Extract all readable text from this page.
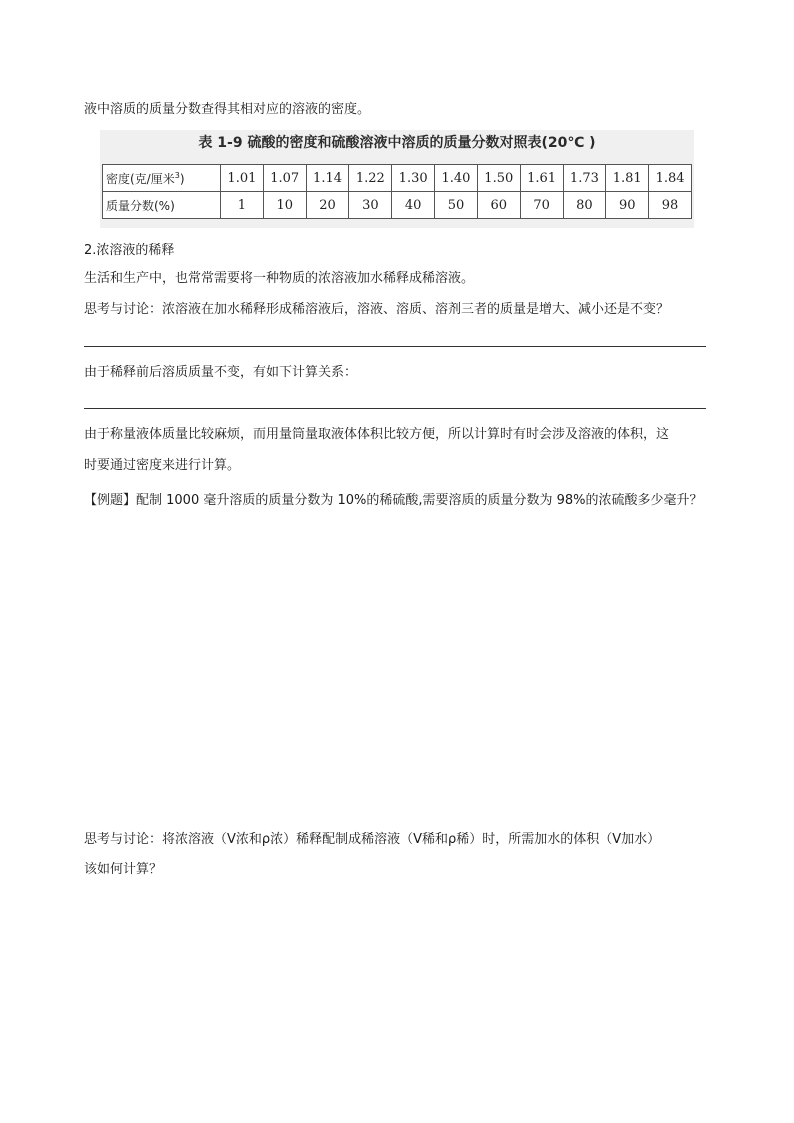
液中溶质的质量分数查得其相对应的溶液的密度。
表 1-9 硫酸的密度和硫酸溶液中溶质的质量分数对照表(20℃ )
密度(克/厘米$^3$)	1.01	1.07	1.14	1.22	1.30	1.40	1.50	1.61	1.73	1.81	1.84
质量分数(%)	1	10	20	30	40	50	60	70	80	90	98
2.浓溶液的稀释
生活和生产中，也常常需要将一种物质的浓溶液加水稀释成稀溶液。
思考与讨论：浓溶液在加水稀释形成稀溶液后，溶液、溶质、溶剂三者的质量是增大、减小还是不变？
由于稀释前后溶质质量不变，有如下计算关系：
由于称量液体质量比较麻烦，而用量筒量取液体体积比较方便，所以计算时有时会涉及溶液的体积，这
时要通过密度来进行计算。
【例题】配制 1000 毫升溶质的质量分数为 10%的稀硫酸,需要溶质的质量分数为 98%的浓硫酸多少毫升？
思考与讨论：将浓溶液（V浓和ρ浓）稀释配制成稀溶液（V稀和ρ稀）时，所需加水的体积（V加水）
该如何计算？
